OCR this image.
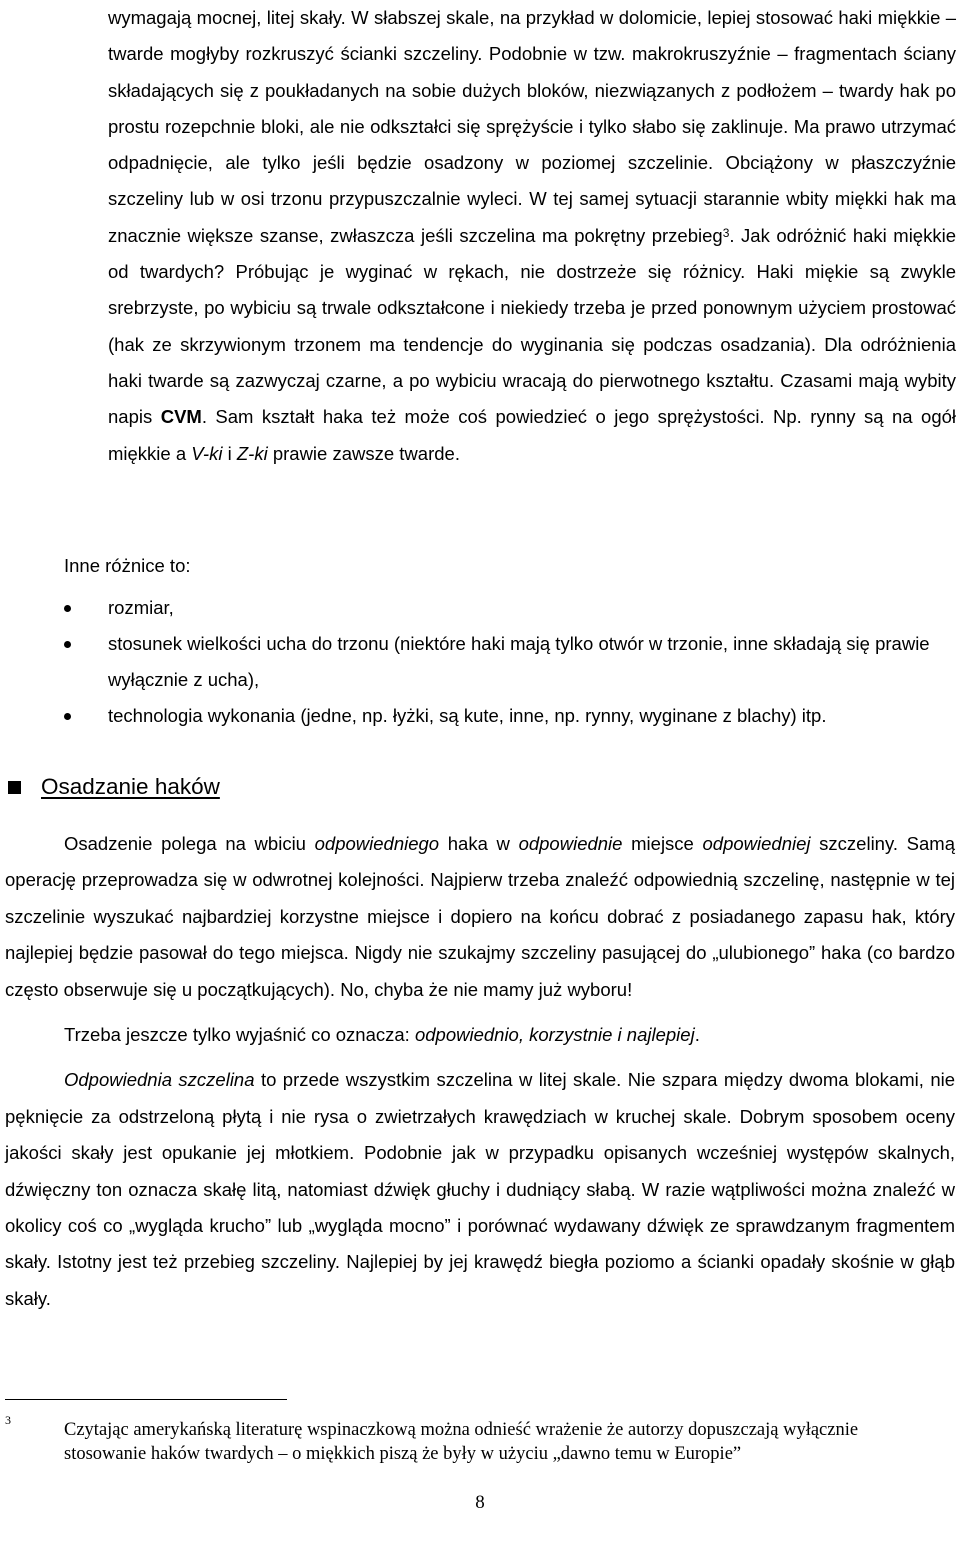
wymagają mocnej, litej skały. W słabszej skale, na przykład w dolomicie, lepiej stosować haki miękkie – twarde mogłyby rozkruszyć ścianki szczeliny. Podobnie w tzw. makrokruszyźnie – fragmentach ściany składających się z poukładanych na sobie dużych bloków, niezwiązanych z podłożem – twardy hak po prostu rozepchnie bloki, ale nie odkształci się sprężyście i tylko słabo się zaklinuje. Ma prawo utrzymać odpadnięcie, ale tylko jeśli będzie osadzony w poziomej szczelinie. Obciążony w płaszczyźnie szczeliny lub w osi trzonu przypuszczalnie wyleci. W tej samej sytuacji starannie wbity miękki hak ma znacznie większe szanse, zwłaszcza jeśli szczelina ma pokrętny przebieg$^3$. Jak odróżnić haki miękkie od twardych? Próbując je wyginać w rękach, nie dostrzeże się różnicy. Haki miękie są zwykle srebrzyste, po wybiciu są trwale odkształcone i niekiedy trzeba je przed ponownym użyciem prostować (hak ze skrzywionym trzonem ma tendencje do wyginania się podczas osadzania). Dla odróżnienia haki twarde są zazwyczaj czarne, a po wybiciu wracają do pierwotnego kształtu. Czasami mają wybity napis CVM. Sam kształt haka też może coś powiedzieć o jego sprężystości. Np. rynny są na ogół miękkie a V-ki i Z-ki prawie zawsze twarde.
Inne różnice to:
rozmiar,
stosunek wielkości ucha do trzonu (niektóre haki mają tylko otwór w trzonie, inne składają się prawie wyłącznie z ucha),
technologia wykonania (jedne, np. łyżki, są kute, inne, np. rynny, wyginane z blachy) itp.
Osadzanie haków

Osadzenie polega na wbiciu odpowiedniego haka w odpowiednie miejsce odpowiedniej szczeliny. Samą operację przeprowadza się w odwrotnej kolejności. Najpierw trzeba znaleźć odpowiednią szczelinę, następnie w tej szczelinie wyszukać najbardziej korzystne miejsce i dopiero na końcu dobrać z posiadanego zapasu hak, który najlepiej będzie pasował do tego miejsca. Nigdy nie szukajmy szczeliny pasującej do „ulubionego” haka (co bardzo często obserwuje się u początkujących). No, chyba że nie mamy już wyboru!

Trzeba jeszcze tylko wyjaśnić co oznacza: odpowiednio, korzystnie i najlepiej.

Odpowiednia szczelina to przede wszystkim szczelina w litej skale. Nie szpara między dwoma blokami, nie pęknięcie za odstrzeloną płytą i nie rysa o zwietrzałych krawędziach w kruchej skale. Dobrym sposobem oceny jakości skały jest opukanie jej młotkiem. Podobnie jak w przypadku opisanych wcześniej występów skalnych, dźwięczny ton oznacza skałę litą, natomiast dźwięk głuchy i dudniący słabą. W razie wątpliwości można znaleźć w okolicy coś co „wygląda krucho” lub „wygląda mocno” i porównać wydawany dźwięk ze sprawdzanym fragmentem skały. Istotny jest też przebieg szczeliny. Najlepiej by jej krawędź biegła poziomo a ścianki opadały skośnie w głąb skały.

3	Czytając amerykańską literaturę wspinaczkową można odnieść wrażenie że autorzy dopuszczają wyłącznie stosowanie haków twardych – o miękkich piszą że były w użyciu „dawno temu w Europie”
8
